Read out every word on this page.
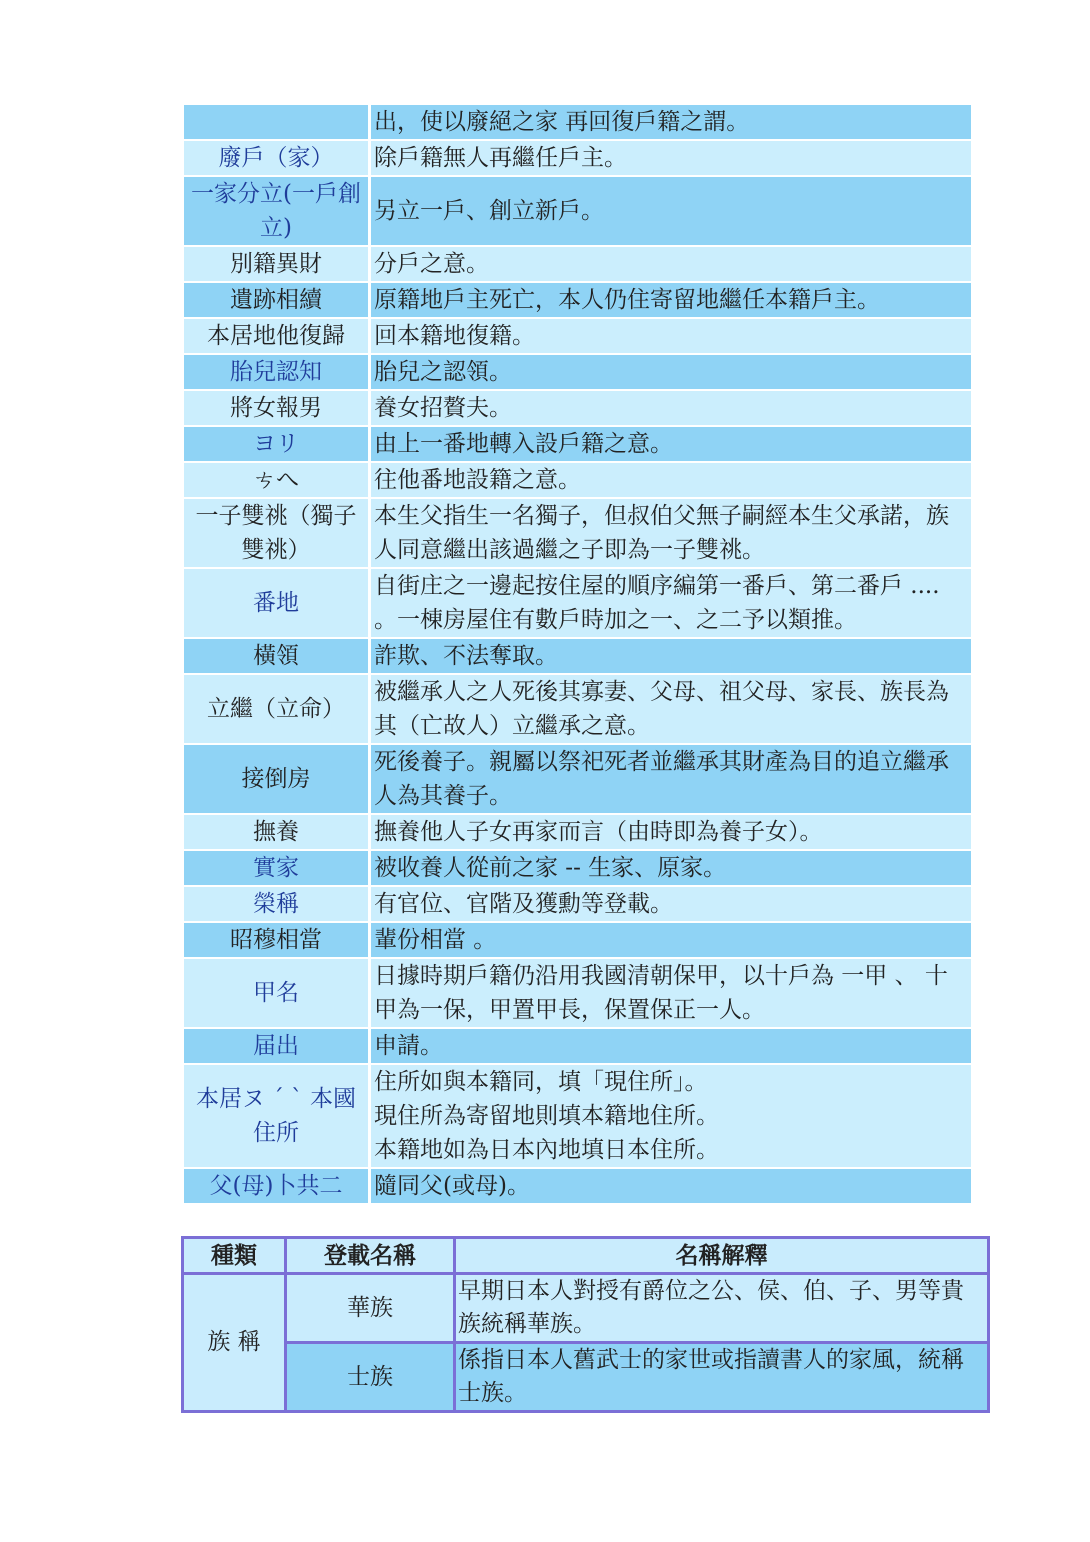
	出，使以廢絕之家 再回復戶籍之謂。
廢戶（家）	除戶籍無人再繼任戶主。
一家分立(一戶創立)	另立一戶、創立新戶。
別籍異財	分戶之意。
遺跡相續	原籍地戶主死亡，本人仍住寄留地繼任本籍戶主。
本居地他復歸	回本籍地復籍。
胎兒認知	胎兒之認領。
將女報男	養女招贅夫。
ヨリ	由上一番地轉入設戶籍之意。
ㄘへ	往他番地設籍之意。
一子雙祧（獨子雙祧）	本生父指生一名獨子，但叔伯父無子嗣經本生父承諾，族人同意繼出該過繼之子即為一子雙祧。
番地	自街庄之一邊起按住屋的順序編第一番戶、第二番戶 .... 。一棟房屋住有數戶時加之一、之二予以類推。
橫領	詐欺、不法奪取。
立繼（立命）	被繼承人之人死後其寡妻、父母、祖父母、家長、族長為其（亡故人）立繼承之意。
接倒房	死後養子。親屬以祭祀死者並繼承其財產為目的追立繼承人為其養子。
撫養	撫養他人子女再家而言（由時即為養子女）。
實家	被收養人從前之家 -- 生家、原家。
榮稱	有官位、官階及獲勳等登載。
昭穆相當	輩份相當 。
甲名	日據時期戶籍仍沿用我國清朝保甲，以十戶為 一甲 、 十甲為一保，甲置甲長，保置保正一人。
届出	申請。
本居ヌ ˊ ˋ 本國住所	住所如與本籍同，填「現住所」。
現住所為寄留地則填本籍地住所。
本籍地如為日本內地填日本住所。
父(母)卜共二	隨同父(或母)。
種類	登載名稱	名稱解釋
族 稱	華族	早期日本人對授有爵位之公、侯、伯、子、男等貴族統稱華族。
	士族	係指日本人舊武士的家世或指讀書人的家風，統稱士族。
